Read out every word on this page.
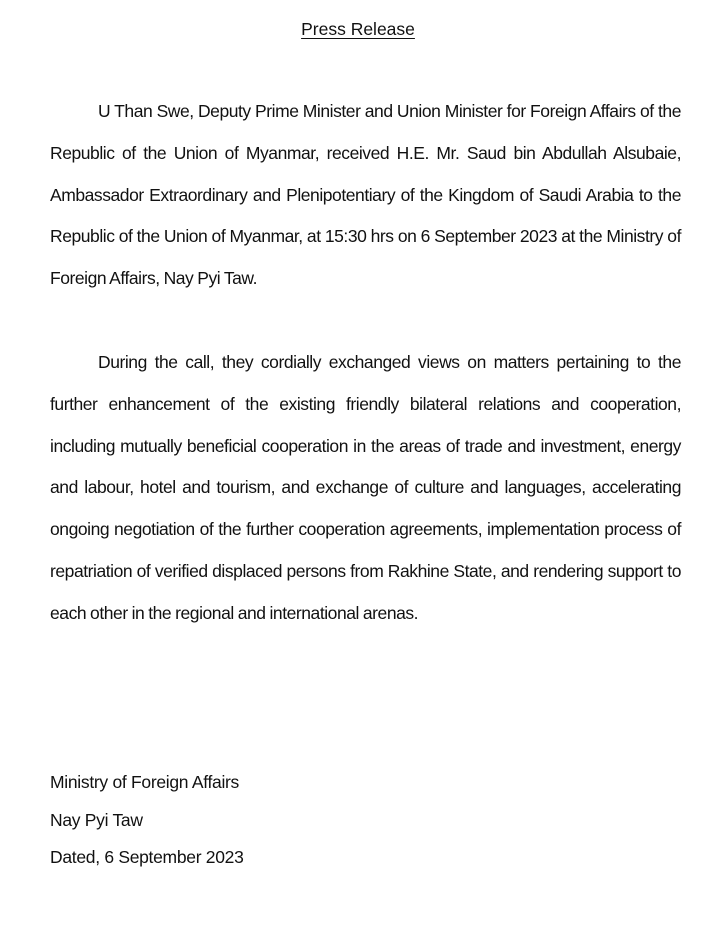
Press Release

U Than Swe, Deputy Prime Minister and Union Minister for Foreign Affairs of the Republic of the Union of Myanmar, received H.E. Mr. Saud bin Abdullah Alsubaie, Ambassador Extraordinary and Plenipotentiary of the Kingdom of Saudi Arabia to the Republic of the Union of Myanmar, at 15:30 hrs on 6 September 2023 at the Ministry of Foreign Affairs, Nay Pyi Taw.

During the call, they cordially exchanged views on matters pertaining to the further enhancement of the existing friendly bilateral relations and cooperation, including mutually beneficial cooperation in the areas of trade and investment, energy and labour, hotel and tourism, and exchange of culture and languages, accelerating ongoing negotiation of the further cooperation agreements, implementation process of repatriation of verified displaced persons from Rakhine State, and rendering support to each other in the regional and international arenas.

Ministry of Foreign Affairs
Nay Pyi Taw
Dated, 6 September 2023
